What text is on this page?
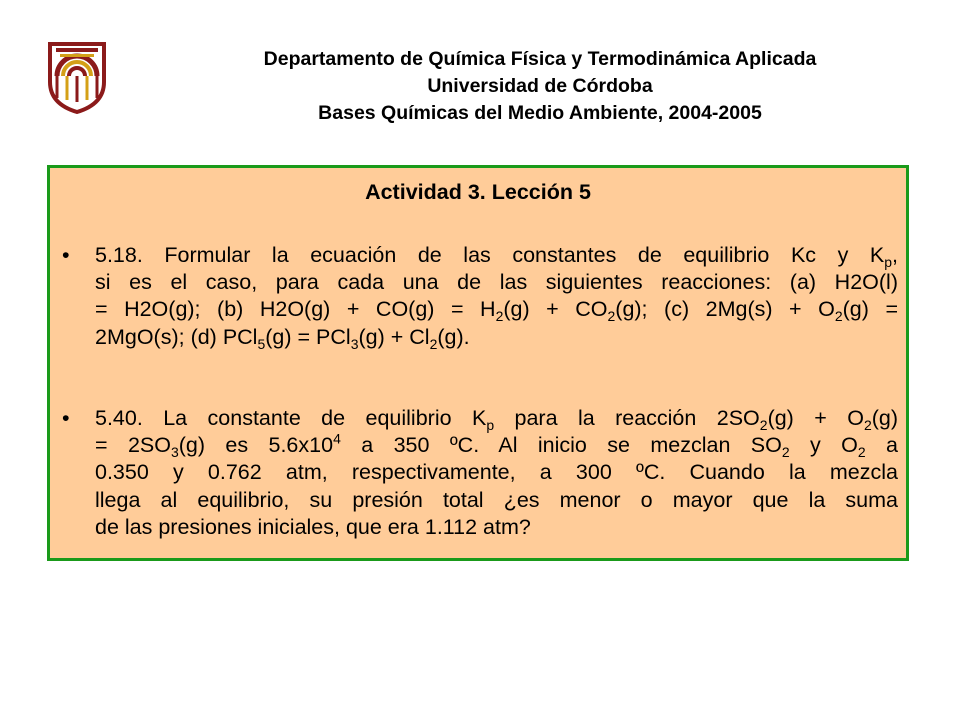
Departamento de Química Física y Termodinámica Aplicada
Universidad de Córdoba
Bases Químicas del Medio Ambiente, 2004-2005
Actividad 3. Lección 5
• 5.18. Formular la ecuación de las constantes de equilibrio Kc y $K_p$,
si es el caso, para cada una de las siguientes reacciones: (a) H2O(l)
= H2O(g); (b) $H2O(g) + CO(g) = H_2(g) + CO_2(g)$; (c) $2Mg(s) + O_2(g)$ =
2MgO(s); (d) $PCl_5(g) = PCl_3(g) + Cl_2(g)$.
• 5.40. La constante de equilibrio $K_p$ para la reacción $2SO_2(g) + O_2(g)$
= $2SO_3(g)$ es $5.6x10^4$ a 350 ºC. Al inicio se mezclan $SO_2$ y $O_2$ a
0.350 y 0.762 atm, respectivamente, a 300 ºC. Cuando la mezcla
llega al equilibrio, su presión total ¿es menor o mayor que la suma
de las presiones iniciales, que era 1.112 atm?
